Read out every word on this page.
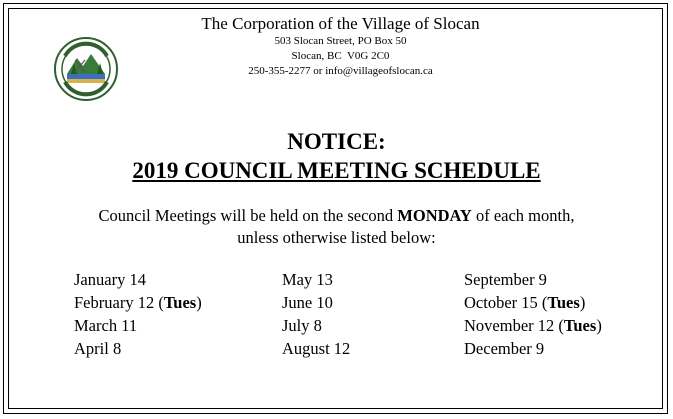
The Corporation of the Village of Slocan
503 Slocan Street, PO Box 50
Slocan, BC  V0G 2C0
250-355-2277 or info@villageofslocan.ca
NOTICE:
2019 COUNCIL MEETING SCHEDULE
Council Meetings will be held on the second MONDAY of each month,
unless otherwise listed below:
January 14
February 12 (Tues)
March 11
April 8
May 13
June 10
July 8
August 12
September 9
October 15 (Tues)
November 12 (Tues)
December 9
